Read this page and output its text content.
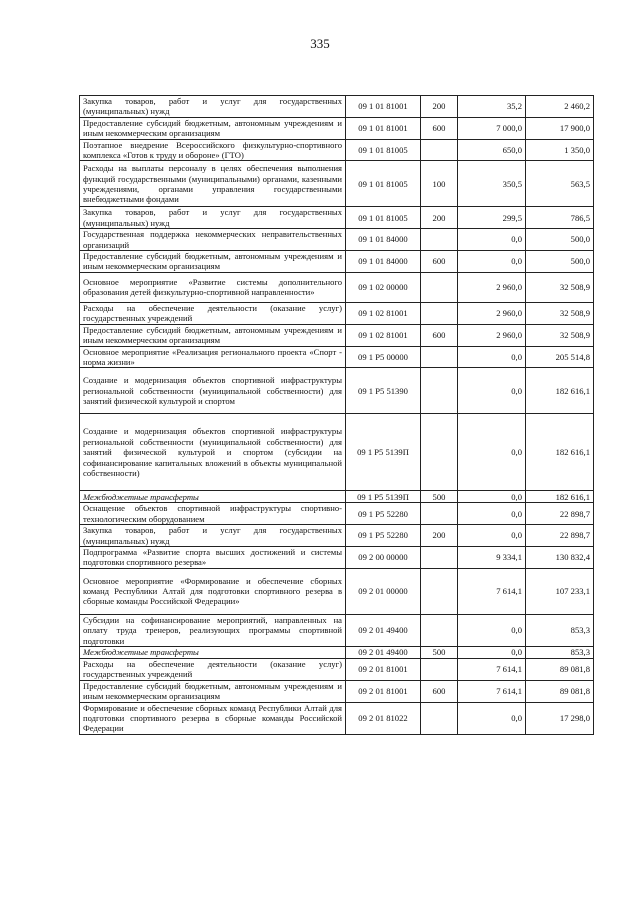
335
Закупка товаров, работ и услуг для государственных (муниципальных) нужд	09 1 01 81001	200	35,2	2 460,2
Предоставление субсидий бюджетным, автономным учреждениям и иным некоммерческим организациям	09 1 01 81001	600	7 000,0	17 900,0
Поэтапное внедрение Всероссийского физкультурно-спортивного комплекса «Готов к труду и обороне» (ГТО)	09 1 01 81005		650,0	1 350,0
Расходы на выплаты персоналу в целях обеспечения выполнения функций государственными (муниципальными) органами, казенными учреждениями, органами управления государственными внебюджетными фондами	09 1 01 81005	100	350,5	563,5
Закупка товаров, работ и услуг для государственных (муниципальных) нужд	09 1 01 81005	200	299,5	786,5
Государственная поддержка некоммерческих неправительственных организаций	09 1 01 84000		0,0	500,0
Предоставление субсидий бюджетным, автономным учреждениям и иным некоммерческим организациям	09 1 01 84000	600	0,0	500,0
Основное мероприятие «Развитие системы дополнительного образования детей физкультурно-спортивной направленности»	09 1 02 00000		2 960,0	32 508,9
Расходы на обеспечение деятельности (оказание услуг) государственных учреждений	09 1 02 81001		2 960,0	32 508,9
Предоставление субсидий бюджетным, автономным учреждениям и иным некоммерческим организациям	09 1 02 81001	600	2 960,0	32 508,9
Основное мероприятие «Реализация регионального проекта «Спорт - норма жизни»	09 1 P5 00000		0,0	205 514,8
Создание и модернизация объектов спортивной инфраструктуры региональной собственности (муниципальной собственности) для занятий физической культурой и спортом	09 1 P5 51390		0,0	182 616,1
Создание и модернизация объектов спортивной инфраструктуры региональной собственности (муниципальной собственности) для занятий физической культурой и спортом (субсидии на софинансирование капитальных вложений в объекты муниципальной собственности)	09 1 P5 5139П		0,0	182 616,1
Межбюджетные трансферты	09 1 P5 5139П	500	0,0	182 616,1
Оснащение объектов спортивной инфраструктуры спортивно-технологическим оборудованием	09 1 P5 52280		0,0	22 898,7
Закупка товаров, работ и услуг для государственных (муниципальных) нужд	09 1 P5 52280	200	0,0	22 898,7
Подпрограмма «Развитие спорта высших достижений и системы подготовки спортивного резерва»	09 2 00 00000		9 334,1	130 832,4
Основное мероприятие «Формирование и обеспечение сборных команд Республики Алтай для подготовки спортивного резерва в сборные команды Российской Федерации»	09 2 01 00000		7 614,1	107 233,1
Субсидии на софинансирование мероприятий, направленных на оплату труда тренеров, реализующих программы спортивной подготовки	09 2 01 49400		0,0	853,3
Межбюджетные трансферты	09 2 01 49400	500	0,0	853,3
Расходы на обеспечение деятельности (оказание услуг) государственных учреждений	09 2 01 81001		7 614,1	89 081,8
Предоставление субсидий бюджетным, автономным учреждениям и иным некоммерческим организациям	09 2 01 81001	600	7 614,1	89 081,8
Формирование и обеспечение сборных команд Республики Алтай для подготовки спортивного резерва в сборные команды Российской Федерации	09 2 01 81022		0,0	17 298,0
